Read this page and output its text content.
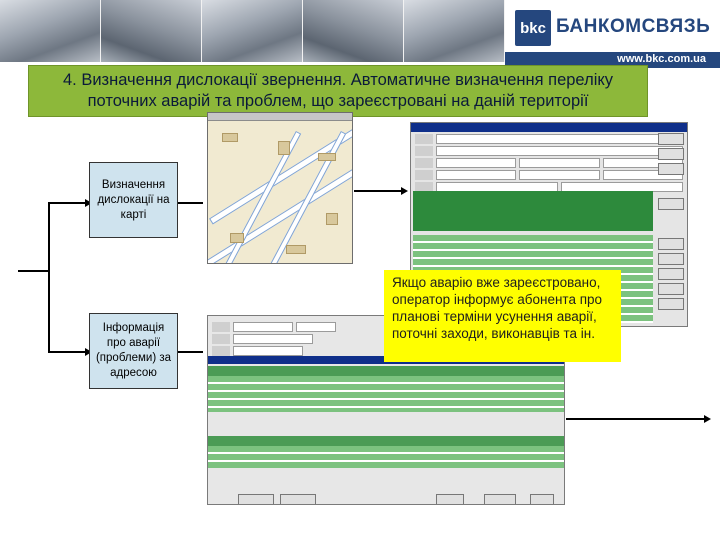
bkc БАНКОМСВЯЗЬ
www.bkc.com.ua
4. Визначення дислокації звернення. Автоматичне визначення переліку поточних аварій та проблем, що зареєстровані на даній території
Визначення дислокації на карті
Інформація про аварії (проблеми) за адресою
Якщо аварію вже зареєстровано, оператор інформує абонента про планові терміни усунення аварії, поточні заходи, виконавців та ін.
